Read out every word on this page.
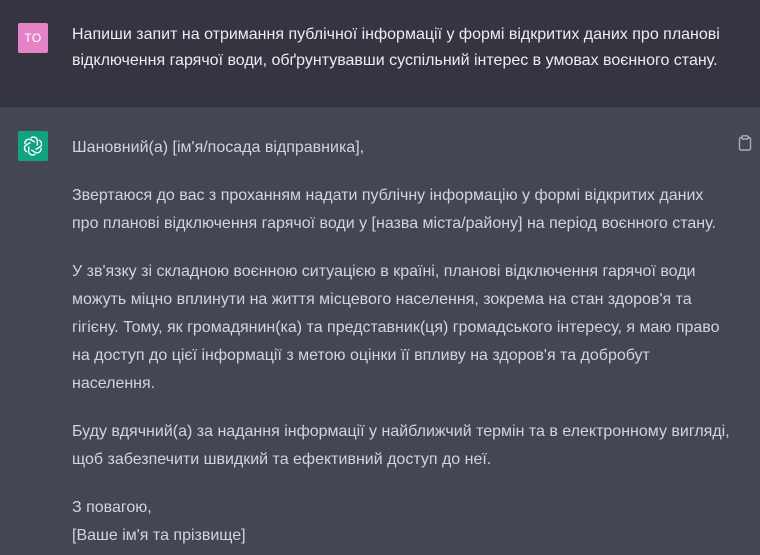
TO	Напиши запит на отримання публічної інформації у формі відкритих даних про планові відключення гарячої води, обґрунтувавши суспільний інтерес в умовах воєнного стану.

Шановний(а) [ім'я/посада відправника],

Звертаюся до вас з проханням надати публічну інформацію у формі відкритих даних про планові відключення гарячої води у [назва міста/району] на період воєнного стану.

У зв'язку зі складною воєнною ситуацією в країні, планові відключення гарячої води можуть міцно вплинути на життя місцевого населення, зокрема на стан здоров'я та гігієну. Тому, як громадянин(ка) та представник(ця) громадського інтересу, я маю право на доступ до цієї інформації з метою оцінки її впливу на здоров'я та добробут населення.

Буду вдячний(а) за надання інформації у найближчий термін та в електронному вигляді, щоб забезпечити швидкий та ефективний доступ до неї.

З повагою,
[Ваше ім'я та прізвище]
